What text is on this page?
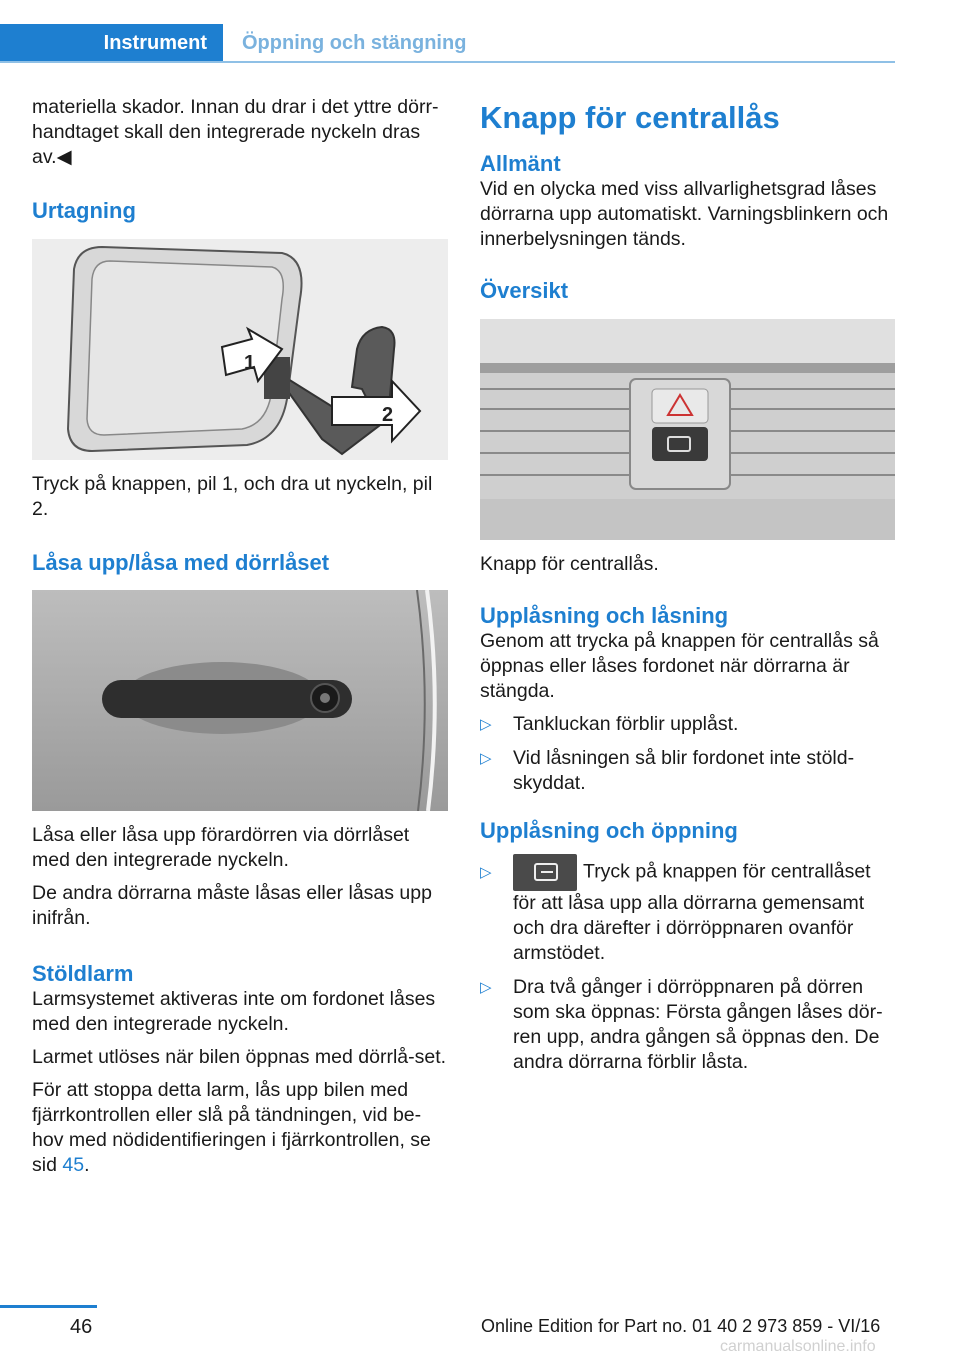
Instrument	Öppning och stängning

materiella skador. Innan du drar i det yttre dörr-handtaget skall den integrerade nyckeln dras av.◀

Urtagning
1
2

Tryck på knappen, pil 1, och dra ut nyckeln, pil 2.

Låsa upp/låsa med dörrlåset

Låsa eller låsa upp förardörren via dörrlåset med den integrerade nyckeln.

De andra dörrarna måste låsas eller låsas upp inifrån.

Stöldlarm

Larmsystemet aktiveras inte om fordonet låses med den integrerade nyckeln.

Larmet utlöses när bilen öppnas med dörrlå-set.

För att stoppa detta larm, lås upp bilen med fjärrkontrollen eller slå på tändningen, vid be-hov med nödidentifieringen i fjärrkontrollen, se sid 45.

Knapp för centrallås
Allmänt

Vid en olycka med viss allvarlighetsgrad låses dörrarna upp automatiskt. Varningsblinkern och innerbelysningen tänds.

Översikt

Knapp för centrallås.

Upplåsning och låsning

Genom att trycka på knappen för centrallås så öppnas eller låses fordonet när dörrarna är stängda.

▷ Tankluckan förblir upplåst.
▷ Vid låsningen så blir fordonet inte stöld-skyddat.
Upplåsning och öppning
▷	Tryck på knappen för centrallåset för att låsa upp alla dörrarna gemensamt och dra därefter i dörröppnaren ovanför armstödet.
▷ Dra två gånger i dörröppnaren på dörren som ska öppnas: Första gången låses dör-ren upp, andra gången så öppnas den. De andra dörrarna förblir låsta.
46	Online Edition for Part no. 01 40 2 973 859 - VI/16
carmanualsonline.info
